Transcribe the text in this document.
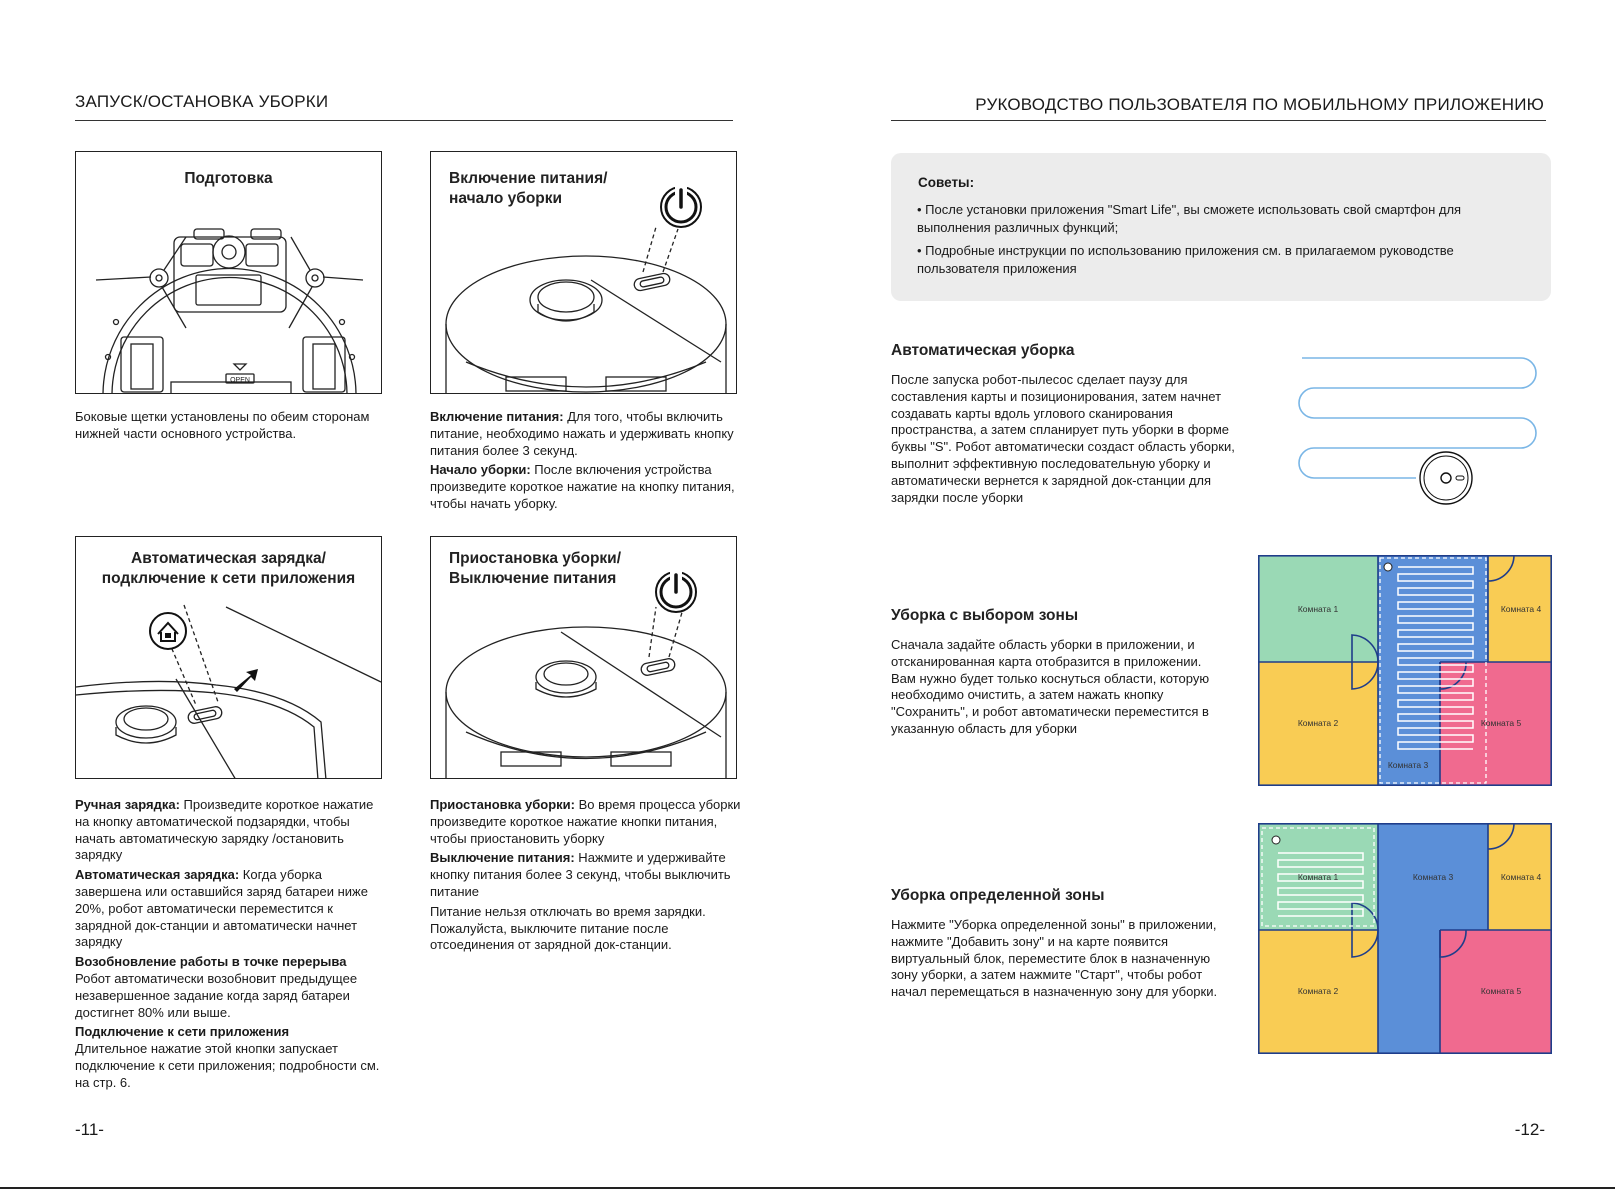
ЗАПУСК/ОСТАНОВКА УБОРКИ
Подготовка
OPEN
Боковые щетки установлены по обеим сторонам нижней части основного устройства.
Включение питания/
начало уборки

Включение питания: Для того, чтобы включить питание, необходимо нажать и удерживать кнопку питания более 3 секунд.

Начало уборки: После включения устройства произведите короткое нажатие на кнопку питания, чтобы начать уборку.

Автоматическая зарядка/
подключение к сети приложения

Ручная зарядка: Произведите короткое нажатие на кнопку автоматической подзарядки, чтобы начать автоматическую зарядку /остановить зарядку

Автоматическая зарядка: Когда уборка завершена или оставшийся заряд батареи ниже 20%, робот автоматически переместится к зарядной док-станции и автоматически начнет зарядку

Возобновление работы в точке перерыва

Робот автоматически возобновит предыдущее незавершенное задание когда заряд батареи достигнет 80% или выше.

Подключение к сети приложения

Длительное нажатие этой кнопки запускает подключение к сети приложения; подробности см. на стр. 6.

Приостановка уборки/
Выключение питания

Приостановка уборки: Во время процесса уборки произведите короткое нажатие кнопки питания, чтобы приостановить уборку

Выключение питания: Нажмите и удерживайте кнопку питания более 3 секунд, чтобы выключить питание

Питание нельзя отключать во время зарядки. Пожалуйста, выключите питание после отсоединения от зарядной док-станции.

-11-
РУКОВОДСТВО ПОЛЬЗОВАТЕЛЯ ПО МОБИЛЬНОМУ ПРИЛОЖЕНИЮ
Советы:
• После установки приложения "Smart Life", вы сможете использовать свой смартфон для выполнения различных функций;
• Подробные инструкции по использованию приложения см. в прилагаемом руководстве пользователя приложения
Автоматическая уборка
После запуска робот-пылесос сделает паузу для составления карты и позиционирования, затем начнет создавать карты вдоль углового сканирования пространства, а затем спланирует путь уборки в форме буквы "S". Робот автоматически создаст область уборки, выполнит эффективную последовательную уборку и автоматически вернется к зарядной док-станции для зарядки после уборки
Уборка с выбором зоны
Сначала задайте область уборки в приложении, и отсканированная карта отобразится в приложении. Вам нужно будет только коснуться области, которую необходимо очистить, а затем нажать кнопку "Сохранить", и робот автоматически переместится в указанную область для уборки
Комната 1
Комната 2
Комната 3
Комната 4
Комната 5
Уборка определенной зоны
Нажмите "Уборка определенной зоны" в приложении, нажмите "Добавить зону" и на карте появится виртуальный блок, переместите блок в назначенную зону уборки, а затем нажмите "Старт", чтобы робот начал перемещаться в назначенную зону для уборки.
Комната 1
Комната 2
Комната 3	Комната 4
Комната 5
-12-
